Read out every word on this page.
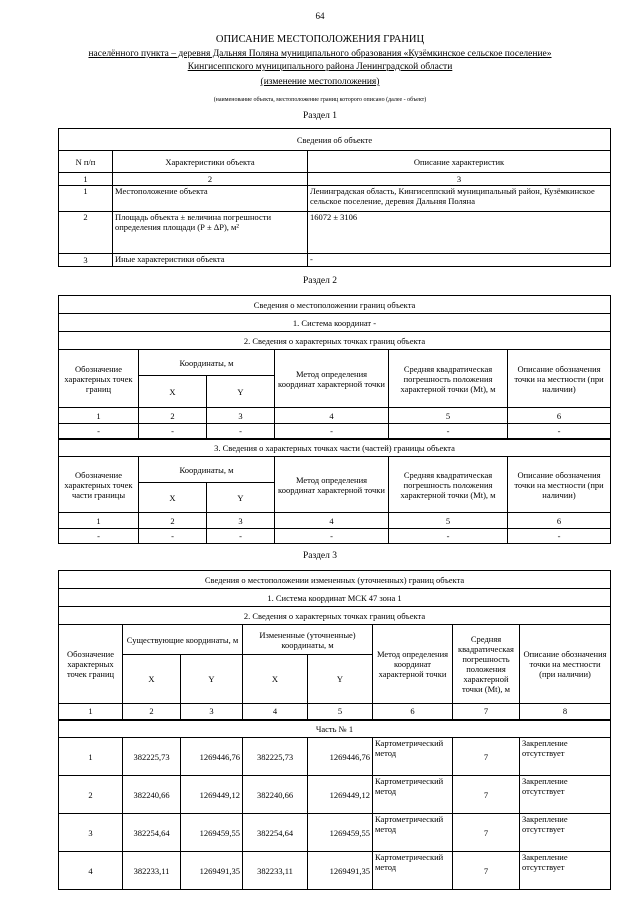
64
ОПИСАНИЕ МЕСТОПОЛОЖЕНИЯ ГРАНИЦ
населённого пункта – деревня Дальняя Поляна муниципального образования «Кузёмкинское сельское поселение»
Кингисеппского муниципального района Ленинградской области
(изменение местоположения)
(наименование объекта, местоположение границ которого описано (далее - объект)
Раздел 1
Сведения об объекте		
N п/п	Характеристики объекта	Описание характеристик
1	2	3
1	Местоположение объекта	Ленинградская область, Кингисеппский муниципальный район, Кузёмкинское сельское поселение, деревня Дальняя Поляна
2	Площадь объекта ± величина погрешности определения площади (Р ± ΔР), м²	16072 ± 3106
3	Иные характеристики объекта	-
Раздел 2
Сведения о местоположении границ объекта					
1. Система координат -					
2. Сведения о характерных точках границ объекта					
Обозначение характерных точек границ	Координаты, м		Метод определения координат характерной точки	Средняя квадратическая погрешность положения характерной точки (Mt), м	Описание обозначения точки на местности (при наличии)
	X	Y			
1	2	3	4	5	6
-	-	-	-	-	-
3. Сведения о характерных точках части (частей) границы объекта					
Обозначение характерных точек части границы	Координаты, м		Метод определения координат характерной точки	Средняя квадратическая погрешность положения характерной точки (Mt), м	Описание обозначения точки на местности (при наличии)
	X	Y			
1	2	3	4	5	6
-	-	-	-	-	-
Раздел 3
Сведения о местоположении измененных (уточненных) границ объекта							
1. Система координат МСК 47 зона 1							
2. Сведения о характерных точках границ объекта							
Обозначение характерных точек границ	Существующие координаты, м		Измененные (уточненные) координаты, м		Метод определения координат характерной точки	Средняя квадратическая погрешность положения характерной точки (Mt), м	Описание обозначения точки на местности (при наличии)
	X	Y	X	Y			
1	2	3	4	5	6	7	8
Часть № 1							
1	382225,73	1269446,76	382225,73	1269446,76	Картометрический метод	7	Закрепление отсутствует
2	382240,66	1269449,12	382240,66	1269449,12	Картометрический метод	7	Закрепление отсутствует
3	382254,64	1269459,55	382254,64	1269459,55	Картометрический метод	7	Закрепление отсутствует
4	382233,11	1269491,35	382233,11	1269491,35	Картометрический метод	7	Закрепление отсутствует
